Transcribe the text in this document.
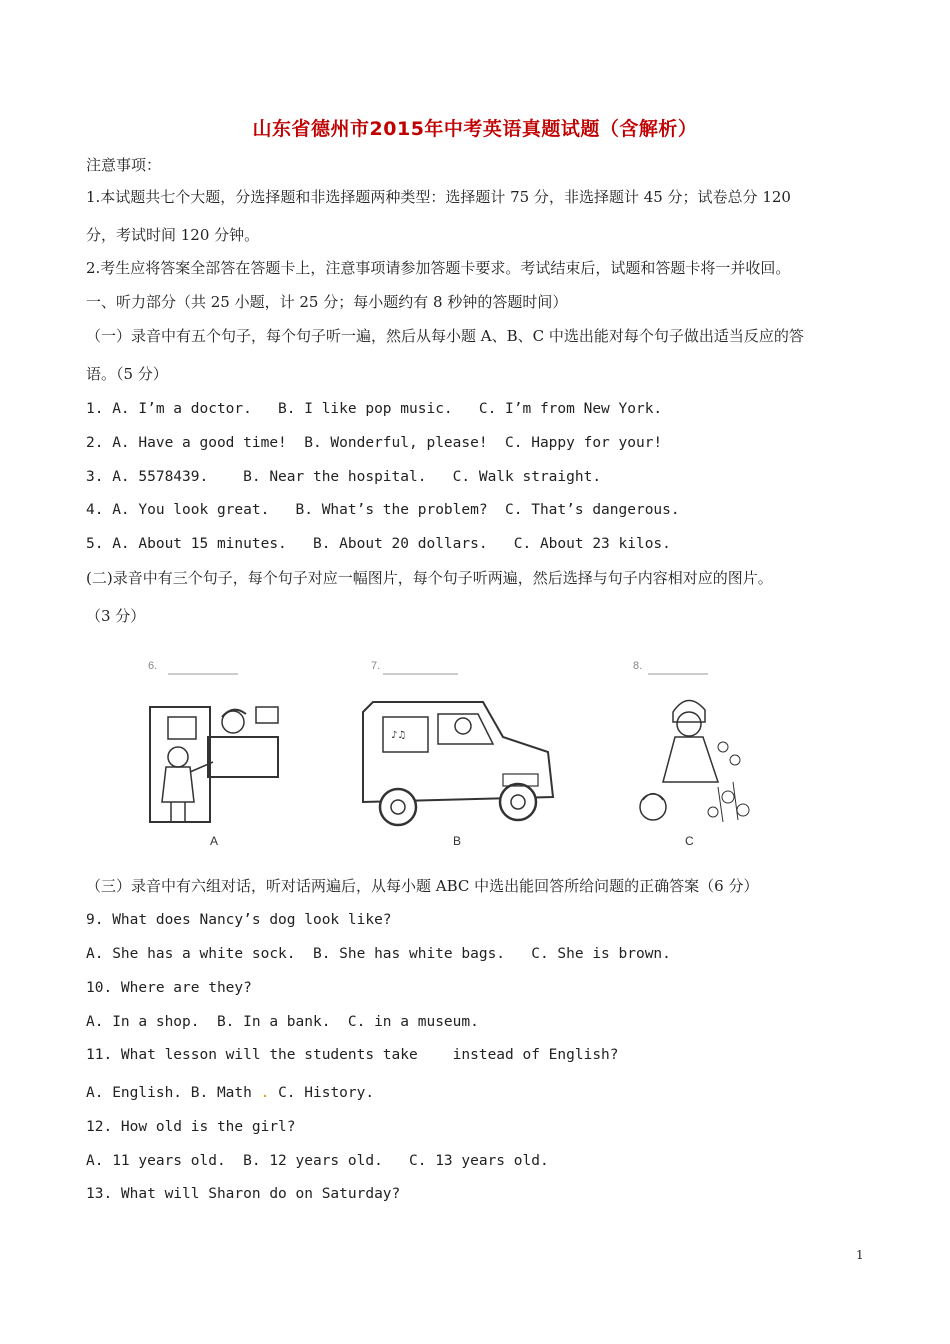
山东省德州市2015年中考英语真题试题（含解析）
注意事项：
1.本试题共七个大题，分选择题和非选择题两种类型：选择题计 75 分，非选择题计 45 分；试卷总分 120
分，考试时间 120 分钟。
2.考生应将答案全部答在答题卡上，注意事项请参加答题卡要求。考试结束后，试题和答题卡将一并收回。
一、听力部分（共 25 小题，计 25 分；每小题约有 8 秒钟的答题时间）
（一）录音中有五个句子，每个句子听一遍，然后从每小题 A、B、C 中选出能对每个句子做出适当反应的答
语。（5 分）
1. A. I’m a doctor.   B. I like pop music.   C. I’m from New York.
2. A. Have a good time!  B. Wonderful, please!  C. Happy for your!
3. A. 5578439.    B. Near the hospital.   C. Walk straight.
4. A. You look great.   B. What’s the problem?  C. That’s dangerous.
5. A. About 15 minutes.   B. About 20 dollars.   C. About 23 kilos.
(二)录音中有三个句子，每个句子对应一幅图片，每个句子听两遍，然后选择与句子内容相对应的图片。
（3 分）
6.
A
7.
♪♫
B
8.
C
（三）录音中有六组对话，听对话两遍后，从每小题 ABC 中选出能回答所给问题的正确答案（6 分）
9. What does Nancy’s dog look like?
A. She has a white sock.  B. She has white bags.   C. She is brown.
10. Where are they?
A. In a shop.  B. In a bank.  C. in a museum.
11. What lesson will the students take    instead of English?
A. English. B. Math . C. History.
12. How old is the girl?
A. 11 years old.  B. 12 years old.   C. 13 years old.
13. What will Sharon do on Saturday?
1
